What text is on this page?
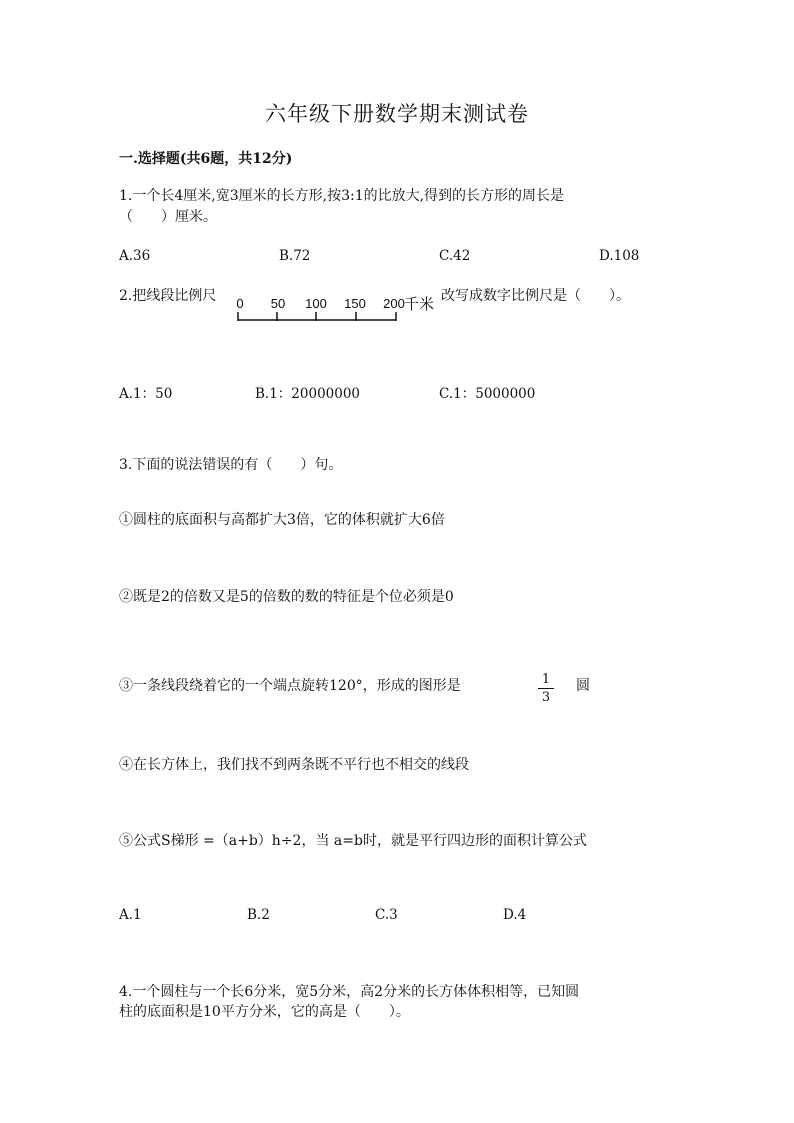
六年级下册数学期末测试卷
一.选择题(共6题，共12分)
1.一个长4厘米,宽3厘米的长方形,按3:1的比放大,得到的长方形的周长是
（　　）厘米。
A.36	B.72	C.42	D.108
2.把线段比例尺 0 50 100 150 200 千米 改写成数字比例尺是（　　）。
A.1：50	B.1：20000000	C.1：5000000
3.下面的说法错误的有（　　）句。
①圆柱的底面积与高都扩大3倍，它的体积就扩大6倍
②既是2的倍数又是5的倍数的数的特征是个位必须是0
③一条线段绕着它的一个端点旋转120°，形成的图形是	1
3
圆
④在长方体上，我们找不到两条既不平行也不相交的线段
⑤公式S梯形 =（a+b）h÷2，当 a=b时，就是平行四边形的面积计算公式
A.1	B.2	C.3	D.4
4.一个圆柱与一个长6分米，宽5分米，高2分米的长方体体积相等，已知圆
柱的底面积是10平方分米，它的高是（　　）。
